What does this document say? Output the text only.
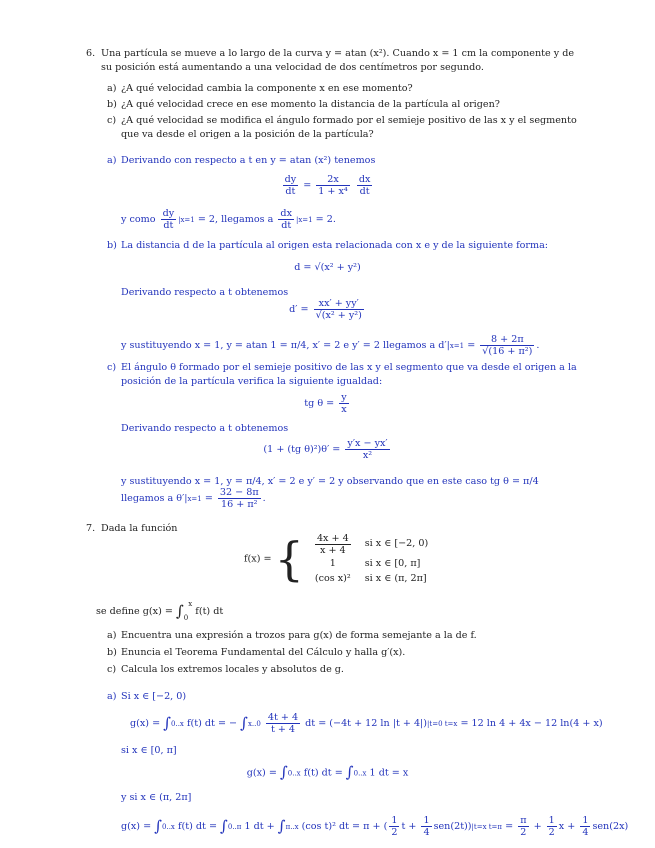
6. Una partícula se mueve a lo largo de la curva y = atan (x²). Cuando x = 1 cm la componente y de
su posición está aumentando a una velocidad de dos centímetros por segundo.
a) ¿A qué velocidad cambia la componente x en ese momento?
b) ¿A qué velocidad crece en ese momento la distancia de la partícula al origen?
c) ¿A qué velocidad se modifica el ángulo formado por el semieje positivo de las x y el segmento
que va desde el origen a la posición de la partícula?
a) Derivando con respecto a t en y = atan (x²) tenemos
$\frac{dy}{dt} = \frac{2x}{\text{1 + x⁴}}$
$\frac{dx}{dt}$
y como $\frac{dy}{dt} |x=1 = 2$, llegamos a $\frac{dx}{dt} |x=1 = 2$.
b) La distancia d de la partícula al origen esta relacionada con x e y de la siguiente forma:
d = √(x² + y²)
Derivando respecto a t obtenemos
$d' = \frac{xx' + yy'}{\text{√(x² + y²)}}$
y sustituyendo x = 1, y = atan 1 = π/4, x′ = 2 e y′ = 2 llegamos a $d'|x=1 = \frac{8 + 2\pi}{\text{√(16 + π²)}}$ .
c) El ángulo θ formado por el semieje positivo de las x y el segmento que va desde el origen a la
posición de la partícula verifica la siguiente igualdad:
tg $\theta = \frac{y}{x}$
Derivando respecto a t obtenemos
(1 + (tg $\theta)^2)\theta' = \frac{y'x - yx'}{\text{x²}}$
y sustituyendo x = 1, y = π/4, x′ = 2 e y′ = 2 y observando que en este caso tg θ = π/4
llegamos a $\theta'|x=1 = \frac{32 - 8\pi}{\text{16 + π²}}$ .
7. Dada la función
f(x) = { $\frac{4x + 4}{x + 4}$	si x ∈ [−2, 0)
1	si x ∈ [0, π]
(cos x)²	si x ∈ (π, 2π]
se define $g(x) = \int_0^x$ f(t) dt
a) Encuentra una expresión a trozos para g(x) de forma semejante a la de f.
b) Enuncia el Teorema Fundamental del Cálculo y halla g′(x).
c) Calcula los extremos locales y absolutos de g.
a) Si x ∈ [−2, 0)
g(x) = ∫0..x f(t) dt = − $\int x..0 \frac{4t + 4}{t + 4}$ dt = (−4t + 12 ln |t + 4|)|t=0 t=x = 12 ln 4 + 4x − 12 ln(4 + x)
si x ∈ [0, π]
g(x) = ∫0..x f(t) dt = ∫0..x 1 dt = x
y si x ∈ (π, 2π]
g(x) = ∫0..x f(t) dt = ∫0..π 1 dt + ∫π..x (cos t)² dt = π + ( $\frac{1}{2}$ $t + \frac{1}{4} sen(2t))|t=x$ $t=\pi = \frac{\pi}{2} + \frac{1}{2}$ $x + \frac{1}{4} sen(2x)$
